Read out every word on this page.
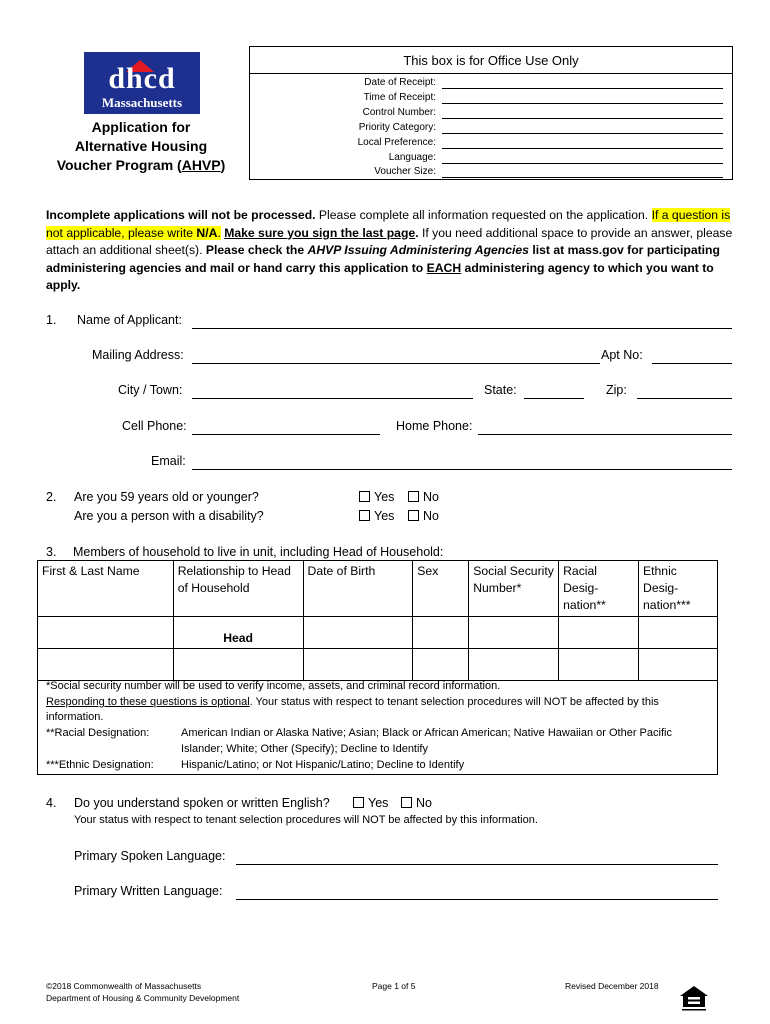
dhcd
Massachusetts
Application for
Alternative Housing
Voucher Program (AHVP)
This box is for Office Use Only
Date of Receipt:
Time of Receipt:
Control Number:
Priority Category:
Local Preference:
Language:
Voucher Size:
Incomplete applications will not be processed. Please complete all information requested on the application. If a question is not applicable, please write N/A. Make sure you sign the last page. If you need additional space to provide an answer, please attach an additional sheet(s). Please check the AHVP Issuing Administering Agencies list at mass.gov for participating administering agencies and mail or hand carry this application to EACH administering agency to which you want to apply.
1. Name of Applicant:
Mailing Address:	Apt No:
City / Town:	State:	Zip:
Cell Phone:	Home Phone:
Email:
2. Are you 59 years old or younger?
Are you a person with a disability?
Yes	No
Yes	No
3. Members of household to live in unit, including Head of Household:
First & Last Name	Relationship to Head of Household	Date of Birth	Sex	Social Security Number*	Racial Desig-nation**	Ethnic Desig-nation***
	Head					

*Social security number will be used to verify income, assets, and criminal record information.
Responding to these questions is optional. Your status with respect to tenant selection procedures will NOT be affected by this
information.
**Racial Designation:	American Indian or Alaska Native; Asian; Black or African American; Native Hawaiian or Other Pacific
Islander; White; Other (Specify); Decline to Identify
***Ethnic Designation: Hispanic/Latino; or Not Hispanic/Latino; Decline to Identify
4. Do you understand spoken or written English?	Yes	No
Your status with respect to tenant selection procedures will NOT be affected by this information.
Primary Spoken Language:
Primary Written Language:
©2018 Commonwealth of Massachusetts
Department of Housing & Community Development
Page 1 of 5	Revised December 2018
